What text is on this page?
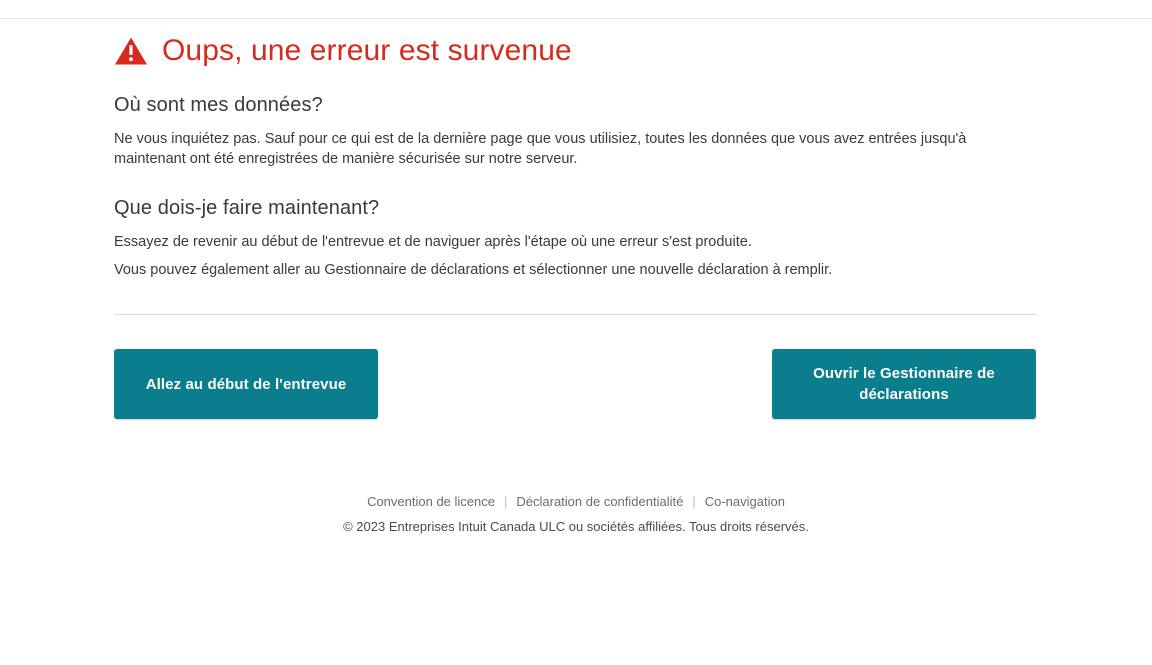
Oups, une erreur est survenue
Où sont mes données?

Ne vous inquiétez pas. Sauf pour ce qui est de la dernière page que vous utilisiez, toutes les données que vous avez entrées jusqu'à maintenant ont été enregistrées de manière sécurisée sur notre serveur.

Que dois-je faire maintenant?

Essayez de revenir au début de l'entrevue et de naviguer après l'étape où une erreur s'est produite.

Vous pouvez également aller au Gestionnaire de déclarations et sélectionner une nouvelle déclaration à remplir.

Allez au début de l'entrevue
Ouvrir le Gestionnaire de déclarations
Convention de licence | Déclaration de confidentialité | Co-navigation
© 2023 Entreprises Intuit Canada ULC ou sociétés affiliées. Tous droits réservés.
